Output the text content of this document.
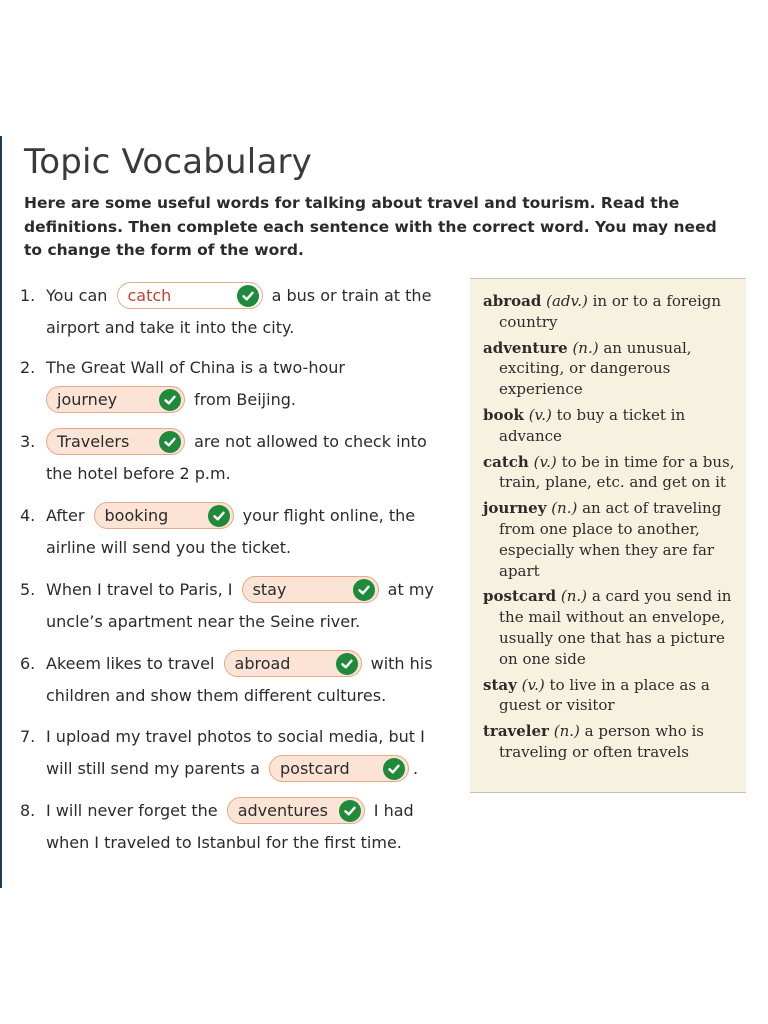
Topic Vocabulary

Here are some useful words for talking about travel and tourism. Read the definitions. Then complete each sentence with the correct word. You may need to change the form of the word.

1. You can catch	a bus or train at the airport and take it into the city.
2. The Great Wall of China is a two-hour
journey	from Beijing.
3.	Travelers	are not allowed to check into the hotel before 2 p.m.
4. After booking	your flight online, the airline will send you the ticket.
5. When I travel to Paris, I stay	at my uncle’s apartment near the Seine river.
6. Akeem likes to travel abroad	with his children and show them different cultures.
7. I upload my travel photos to social media, but I will still send my parents a postcard	.
8. I will never forget the adventures	I had when I traveled to Istanbul for the first time.
abroad (adv.) in or to a foreign country
adventure (n.) an unusual, exciting, or dangerous experience
book (v.) to buy a ticket in advance
catch (v.) to be in time for a bus, train, plane, etc. and get on it
journey (n.) an act of traveling from one place to another, especially when they are far apart
postcard (n.) a card you send in the mail without an envelope, usually one that has a picture on one side
stay (v.) to live in a place as a guest or visitor
traveler (n.) a person who is traveling or often travels
